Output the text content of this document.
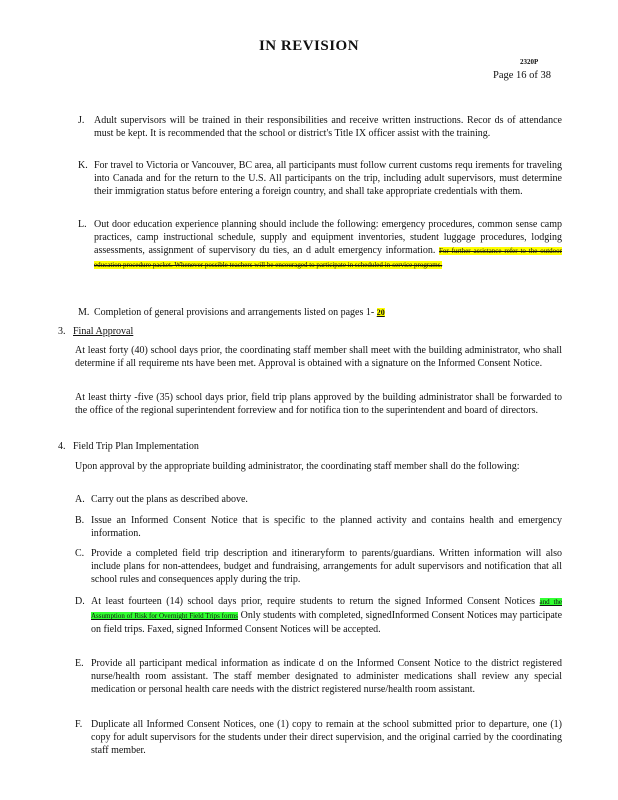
IN REVISION
2320P
Page 16 of 38
J. Adult supervisors will be trained in their responsibilities and receive written instructions. Recor ds of attendance must be kept. It is recommended that the school or district's Title IX officer assist with the training.
K. For travel to Victoria or Vancouver, BC area, all participants must follow current customs requ irements for traveling into Canada and for the return to the U.S. All participants on the trip, including adult supervisors, must determine their immigration status before entering a foreign country, and shall take appropriate credentials with them.
L. Out door education experience planning should include the following: emergency procedures, common sense camp practices, camp instructional schedule, supply and equipment inventories, student luggage procedures, lodging assessments, assignment of supervisory du ties, an d adult emergency information. For further assistance refer to the outdoor education procedure packet. Whenever possible teachers will be encouraged to participate in scheduled in-service programs.
M. Completion of general provisions and arrangements listed on pages 1- 20
3. Final Approval
At least forty (40) school days prior, the coordinating staff member shall meet with the building administrator, who shall determine if all requireme nts have been met. Approval is obtained with a signature on the Informed Consent Notice.
At least thirty -five (35) school days prior, field trip plans approved by the building administrator shall be forwarded to the office of the regional superintendent forreview and for notifica tion to the superintendent and board of directors.
4. Field Trip Plan Implementation
Upon approval by the appropriate building administrator, the coordinating staff member shall do the following:
A. Carry out the plans as described above.
B. Issue an Informed Consent Notice that is specific to the planned activity and contains health and emergency information.
C. Provide a completed field trip description and itineraryform to parents/guardians. Written information will also include plans for non-attendees, budget and fundraising, arrangements for adult supervisors and notification that all school rules and consequences apply during the trip.
D. At least fourteen (14) school days prior, require students to return the signed Informed Consent Notices and the Assumption of Risk for Overnight Field Trips forms Only students with completed, signedInformed Consent Notices may participate on field trips. Faxed, signed Informed Consent Notices will be accepted.
E. Provide all participant medical information as indicate d on the Informed Consent Notice to the district registered nurse/health room assistant. The staff member designated to administer medications shall review any special medication or personal health care needs with the district registered nurse/health room assistant.
F. Duplicate all Informed Consent Notices, one (1) copy to remain at the school submitted prior to departure, one (1) copy for adult supervisors for the students under their direct supervision, and the original carried by the coordinating staff member.
